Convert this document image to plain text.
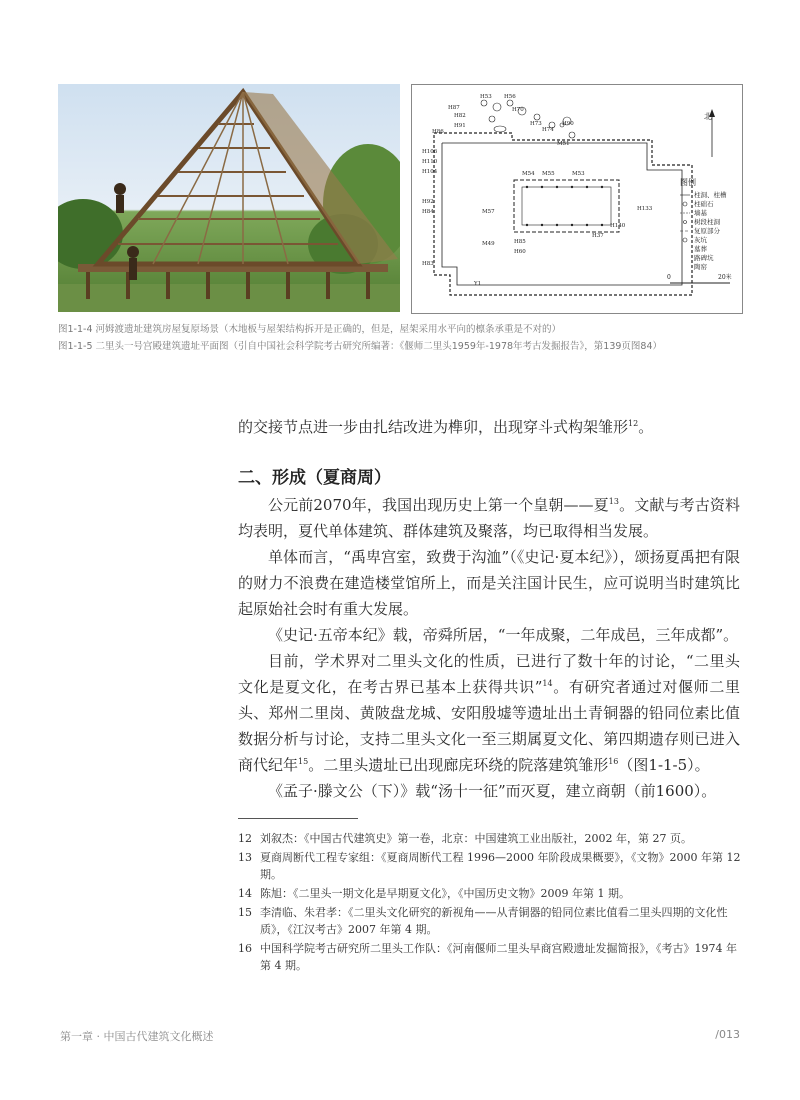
北
图例
柱洞、柱槽
柱础石
墙基
树段柱洞
复原部分
灰坑
墓葬
路碑坑
陶窑
0	20米
H53 H56
H87	H70
H82
H73
H74
H90
H86
H91
M54
M51
H106
H110
H104	M55	M53
M57
M49
H133
H84
H92
H85
H60
H140
H37
H83
Y1
图1-1-4 河姆渡遗址建筑房屋复原场景（木地板与屋架结构拆开是正确的，但是，屋架采用水平向的檩条承重是不对的）
图1-1-5 二里头一号宫殿建筑遗址平面图（引自中国社会科学院考古研究所编著：《偃师二里头1959年-1978年考古发掘报告》，第139页图84）

的交接节点进一步由扎结改进为榫卯，出现穿斗式构架雏形$^{12}$。

二、形成（夏商周）

公元前2070年，我国出现历史上第一个皇朝——夏$^{13}$。文献与考古资料均表明，夏代单体建筑、群体建筑及聚落，均已取得相当发展。

单体而言，“禹卑宫室，致费于沟洫”（《史记·夏本纪》），颂扬夏禹把有限的财力不浪费在建造楼堂馆所上，而是关注国计民生，应可说明当时建筑比起原始社会时有重大发展。

《史记·五帝本纪》载，帝舜所居，“一年成聚，二年成邑，三年成都”。

目前，学术界对二里头文化的性质，已进行了数十年的讨论，“二里头文化是夏文化，在考古界已基本上获得共识”$^{14}$。有研究者通过对偃师二里头、郑州二里岗、黄陂盘龙城、安阳殷墟等遗址出土青铜器的铅同位素比值数据分析与讨论，支持二里头文化一至三期属夏文化、第四期遗存则已进入商代纪年$^{15}$。二里头遗址已出现廊庑环绕的院落建筑雏形$^{16}$（图1-1-5）。

《孟子·滕文公（下）》载“汤十一征”而灭夏，建立商朝（前1600）。

12 刘叙杰：《中国古代建筑史》第一卷，北京：中国建筑工业出版社，2002 年，第 27 页。
13 夏商周断代工程专家组：《夏商周断代工程 1996—2000 年阶段成果概要》，《文物》2000 年第 12 期。
14 陈旭：《二里头一期文化是早期夏文化》，《中国历史文物》2009 年第 1 期。
15 李清临、朱君孝：《二里头文化研究的新视角——从青铜器的铅同位素比值看二里头四期的文化性质》，《江汉考古》2007 年第 4 期。
16 中国科学院考古研究所二里头工作队：《河南偃师二里头早商宫殿遗址发掘简报》，《考古》1974 年第 4 期。
第一章 · 中国古代建筑文化概述	/013
